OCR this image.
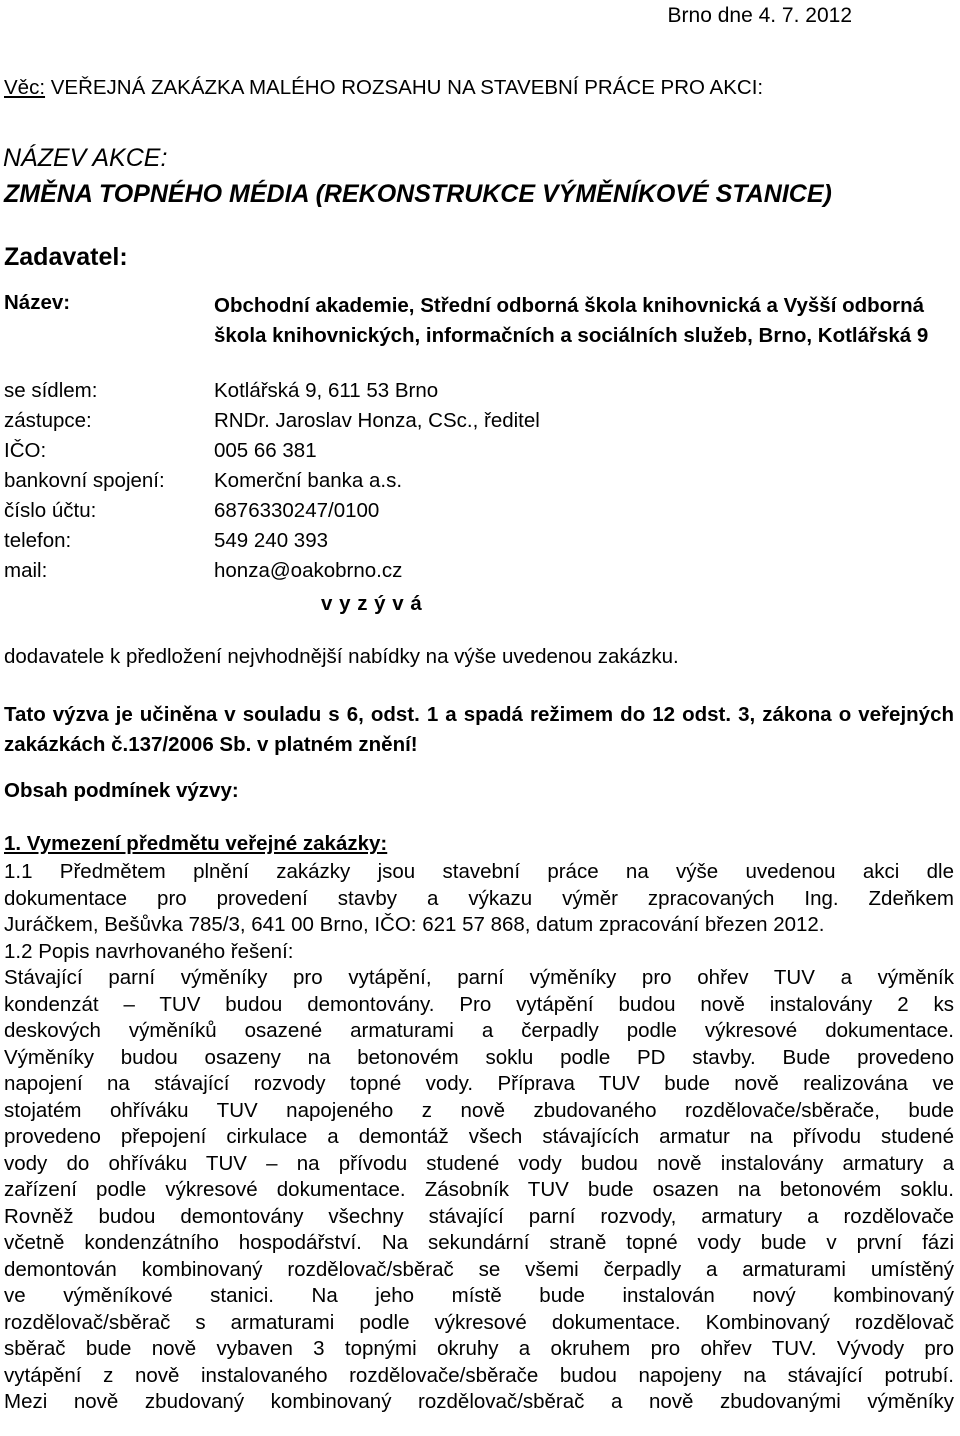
Brno dne 4. 7. 2012
Věc: VEŘEJNÁ ZAKÁZKA MALÉHO ROZSAHU NA STAVEBNÍ PRÁCE PRO AKCI:
NÁZEV AKCE:
ZMĚNA TOPNÉHO MÉDIA (REKONSTRUKCE VÝMĚNÍKOVÉ STANICE)
Zadavatel:
Název:	Obchodní akademie, Střední odborná škola knihovnická a Vyšší odborná škola knihovnických, informačních a sociálních služeb, Brno, Kotlářská 9
se sídlem:	Kotlářská 9, 611 53 Brno
zástupce:	RNDr. Jaroslav Honza, CSc., ředitel
IČO:	005 66 381
bankovní spojení:	Komerční banka a.s.
číslo účtu:	6876330247/0100
telefon:	549 240 393
mail:	honza@oakobrno.cz
v y z ý v á
dodavatele k předložení nejvhodnější nabídky na výše uvedenou zakázku.
Tato výzva je učiněna v souladu s 6, odst. 1 a spadá režimem do 12 odst. 3, zákona o veřejných zakázkách č.137/2006 Sb. v platném znění!
Obsah podmínek výzvy:
1. Vymezení předmětu veřejné zakázky:
1.1 Předmětem plnění zakázky jsou stavební práce na výše uvedenou akci dle
dokumentace pro provedení stavby a výkazu výměr zpracovaných Ing. Zdeňkem
Juráčkem, Bešůvka 785/3, 641 00 Brno, IČO: 621 57 868, datum zpracování březen 2012.
1.2 Popis navrhovaného řešení:
Stávající parní výměníky pro vytápění, parní výměníky pro ohřev TUV a výměník
kondenzát – TUV budou demontovány. Pro vytápění budou nově instalovány 2 ks
deskových výměníků osazené armaturami a čerpadly podle výkresové dokumentace.
Výměníky budou osazeny na betonovém soklu podle PD stavby. Bude provedeno
napojení na stávající rozvody topné vody. Příprava TUV bude nově realizována ve
stojatém ohříváku TUV napojeného z nově zbudovaného rozdělovače/sběrače, bude
provedeno přepojení cirkulace a demontáž všech stávajících armatur na přívodu studené
vody do ohříváku TUV – na přívodu studené vody budou nově instalovány armatury a
zařízení podle výkresové dokumentace. Zásobník TUV bude osazen na betonovém soklu.
Rovněž budou demontovány všechny stávající parní rozvody, armatury a rozdělovače
včetně kondenzátního hospodářství. Na sekundární straně topné vody bude v první fázi
demontován kombinovaný rozdělovač/sběrač se všemi čerpadly a armaturami umístěný
ve výměníkové stanici. Na jeho místě bude instalován nový kombinovaný
rozdělovač/sběrač s armaturami podle výkresové dokumentace. Kombinovaný rozdělovač
sběrač bude nově vybaven 3 topnými okruhy a okruhem pro ohřev TUV. Vývody pro
vytápění z nově instalovaného rozdělovače/sběrače budou napojeny na stávající potrubí.
Mezi nově zbudovaný kombinovaný rozdělovač/sběrač a nově zbudovanými výměníky
